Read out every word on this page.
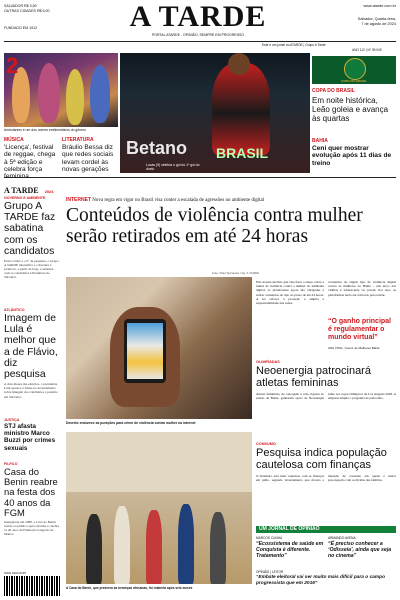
SALVADOR R$ 3,50
OUTRAS CIDADES R$ 5,00
FUNDADO EM 1912	A TARDE
PORTAL ATARDE - OPINIÃO, SEMPRE EM PROGRESSO
www.atarde.com.br
Salvador, Quarta-feira,
7 de agosto de 2024
Este é um jornal do ATARDE | Grupo A Tarde
ANO 112 | Nº 39.049
2
Betano BRASIL
Lucas (9) celebra o gol do 1º gol do duelo
COPA DO BRASIL
Ambulantes é um dos nomes emblemáticos do gênero
MÚSICA
'Licença', festival de reggae, chega à 5ª edição e celebra força
LITERATURA
Bráulio Bessa diz que redes sociais levam cordel às novas gerações
COPA DO BRASIL
Em noite histórica, Leão goleia e avança às quartas
BAHIA
Ceni quer mostrar evolução após 11 dias de treino
A TARDE 2024
GOVERNO E AMBIENTE
Grupo A TARDE faz sabatina com os candidatos
Entre a líder e o 6º da pesquisa, o Grupo A TARDE intensifica a cobertura e promove, a partir de hoje, a sabatina com os candidatos à Prefeitura de Salvador.
ATLÂNTICO
Imagem de Lula é melhor que a de Flávio, diz pesquisa
A dois meses das eleições, o presidente Lula aparece à frente no levantamento sobre imagem dos candidatos a prefeito em Salvador.
JUSTIÇA
STJ afasta ministro Marco Buzzi por crimes sexuais
FILFILO
Casa do Benin reabre na festa dos 40 anos da FGM
Inaugurada em 1988, a Casa do Benin reabre ao público após reforma e celebra os 40 anos da Fundação Gregório de Mattos.
ISSN 0104-6187
INTERNET Nova regra em vigor no Brasil visa conter a escalada de agressões no ambiente digital
Conteúdos de violência contra mulher serão retirados em até 24 horas
Foto: Raul Spinassé / Ag. A TARDE
Decreto endurece as punições para crime de violência contra mulher na internet
Em recente decisão que visa frear o abuso sobre a nudez de violência contra a mulher no ambiente digital, as plataformas agora são obrigadas a retirar conteúdos do tipo no prazo de até 24 horas. A lei reforça a proteção e amplia a responsabilidade das redes.
conteúdos do algum tipo de violência digital contra as mulheres na Bahia – um terço das vítimas é adolescente ou jovem. Por isso, as plataformas terão até 24 horas para retirar.
“O ganho principal é regulamentar o mundo virtual”
ANA VITAL, Coord. de Mulheres Bahia
OLIMPÍADAS
Neoenergia patrocinará atletas femininas
Atletas femininas, de canoagem à vela, ligadas ao estado da Bahia, ganharam apoio da Neoenergia rumo aos Jogos Olímpicos de Los Angeles 2028. A empresa amplia o programa de patrocínio.
CONSUMO
Pesquisa indica população cautelosa com finanças
O brasileiro está mais cauteloso com as finanças em julho, segundo levantamento que mostra a intenção de consumo em queda e maior preocupação com as dívidas das famílias.
A Casa do Benin, que preserva as heranças africanas, foi reaberta após seis meses
UM JORNAL DE OPINIÃO
MARCOS CUNHA
“Ecossistema de saúde em Conquista é diferente. Tratamento”
ARMANDO AVENA
“É preciso conhecer a ‘Odisseia’, ainda que seja no cinema”
OPINIÃO | LEITOR
“Embate eleitoral vai ser muito mais difícil para o campo progressista que em 2016”
